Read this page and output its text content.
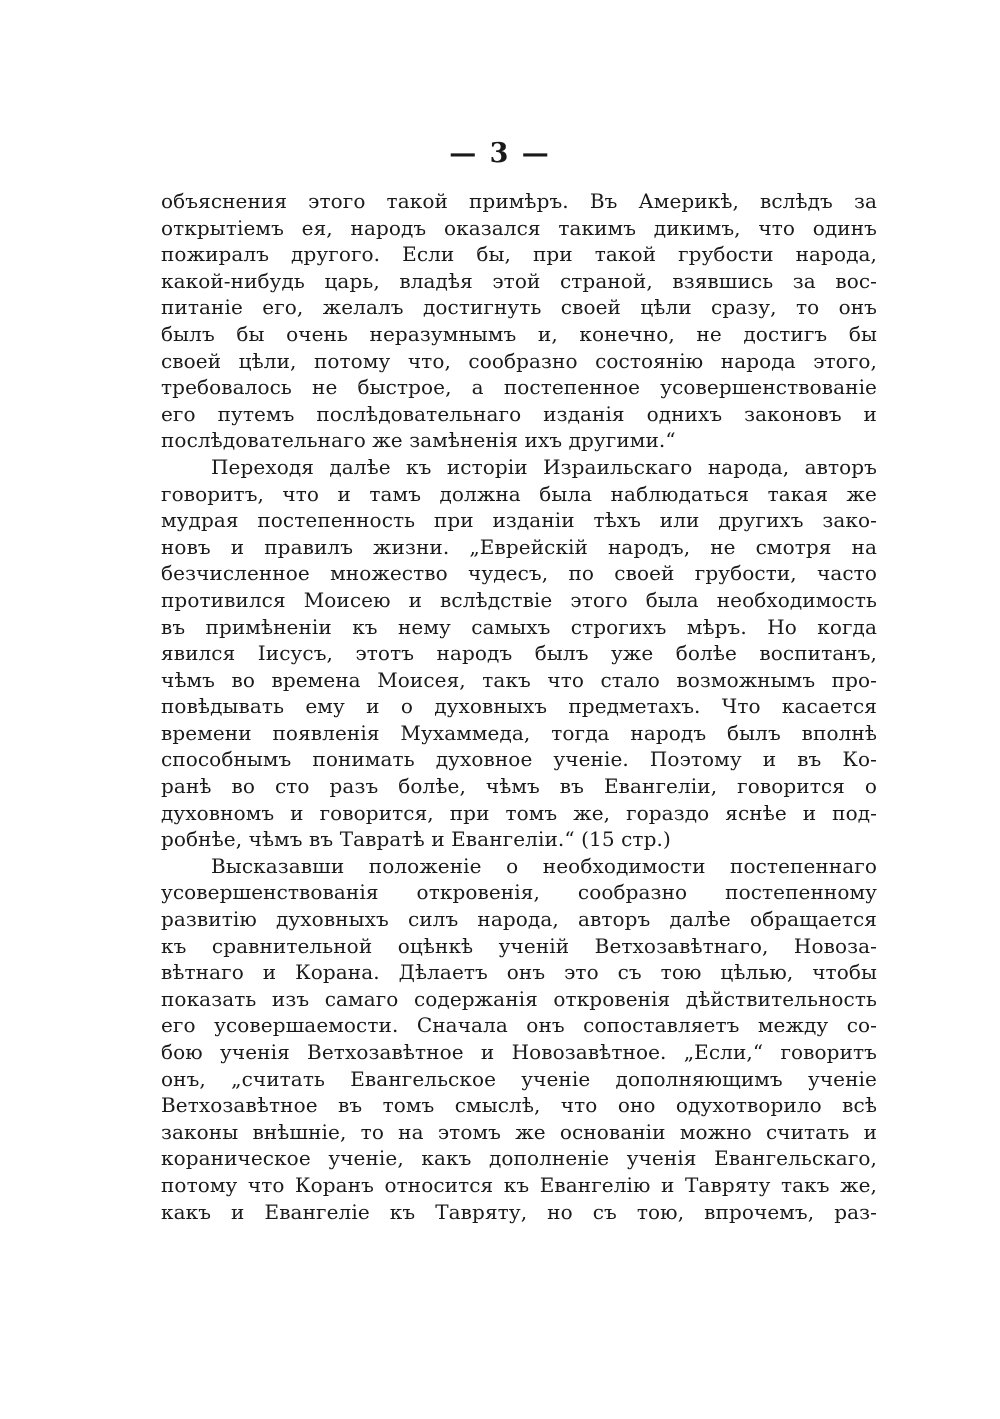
— 3 —
объяснения этого такой примѣръ. Въ Америкѣ, вслѣдъ за
открытіемъ ея, народъ оказался такимъ дикимъ, что одинъ
пожиралъ другого. Если бы, при такой грубости народа,
какой-нибудь царь, владѣя этой страной, взявшись за вос-
питаніе его, желалъ достигнуть своей цѣли сразу, то онъ
былъ бы очень неразумнымъ и, конечно, не достигъ бы
своей цѣли, потому что, сообразно состоянію народа этого,
требовалось не быстрое, а постепенное усовершенствованіе
его путемъ послѣдовательнаго изданія однихъ законовъ и
послѣдовательнаго же замѣненія ихъ другими.“
Переходя далѣе къ исторіи Израильскаго народа, авторъ
говоритъ, что и тамъ должна была наблюдаться такая же
мудрая постепенность при изданіи тѣхъ или другихъ зако-
новъ и правилъ жизни. „Еврейскій народъ, не смотря на
безчисленное множество чудесъ, по своей грубости, часто
противился Моисею и вслѣдствіе этого была необходимость
въ примѣненіи къ нему самыхъ строгихъ мѣръ. Но когда
явился Іисусъ, этотъ народъ былъ уже болѣе воспитанъ,
чѣмъ во времена Моисея, такъ что стало возможнымъ про-
повѣдывать ему и о духовныхъ предметахъ. Что касается
времени появленія Мухаммеда, тогда народъ былъ вполнѣ
способнымъ понимать духовное ученіе. Поэтому и въ Ко-
ранѣ во сто разъ болѣе, чѣмъ въ Евангеліи, говорится о
духовномъ и говорится, при томъ же, гораздо яснѣе и под-
робнѣе, чѣмъ въ Тавратѣ и Евангеліи.“ (15 стр.)
Высказавши положеніе о необходимости постепеннаго
усовершенствованія откровенія, сообразно постепенному
развитію духовныхъ силъ народа, авторъ далѣе обращается
къ сравнительной оцѣнкѣ ученій Ветхозавѣтнаго, Новоза-
вѣтнаго и Корана. Дѣлаетъ онъ это съ тою цѣлью, чтобы
показать изъ самаго содержанія откровенія дѣйствительность
его усовершаемости. Сначала онъ сопоставляетъ между со-
бою ученія Ветхозавѣтное и Новозавѣтное. „Если,“ говоритъ
онъ, „считать Евангельское ученіе дополняющимъ ученіе
Ветхозавѣтное въ томъ смыслѣ, что оно одухотворило всѣ
законы внѣшніе, то на этомъ же основаніи можно считать и
кораническое ученіе, какъ дополненіе ученія Евангельскаго,
потому что Коранъ относится къ Евангелію и Тавряту такъ же,
какъ и Евангеліе къ Тавряту, но съ тою, впрочемъ, раз-
